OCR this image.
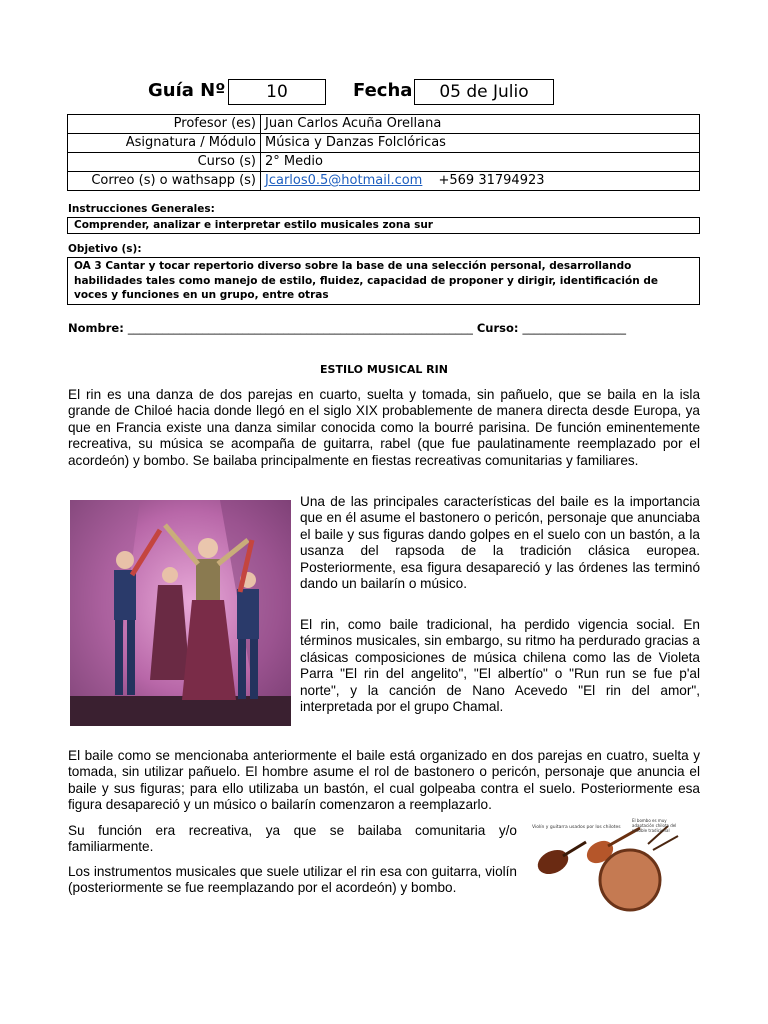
Guía Nº	10	Fecha	05 de Julio
Profesor (es)	Juan Carlos Acuña Orellana
Asignatura / Módulo	Música y Danzas Folclóricas
Curso (s)	2° Medio
Correo (s) o wathsapp (s)	Jcarlos0.5@hotmail.com +569 31794923
Instrucciones Generales:
Comprender, analizar e interpretar estilo musicales zona sur
Objetivo (s):
OA 3 Cantar y tocar repertorio diverso sobre la base de una selección personal, desarrollando habilidades tales como manejo de estilo, fluidez, capacidad de proponer y dirigir, identificación de voces y funciones en un grupo, entre otras
Nombre: ____________________________________________________________ Curso: __________________
ESTILO MUSICAL RIN
El rin es una danza de dos parejas en cuarto, suelta y tomada, sin pañuelo, que se baila en la isla grande de Chiloé hacia donde llegó en el siglo XIX probablemente de manera directa desde Europa, ya que en Francia existe una danza similar conocida como la bourré parisina. De función eminentemente recreativa, su música se acompaña de guitarra, rabel (que fue paulatinamente reemplazado por el acordeón) y bombo. Se bailaba principalmente en fiestas recreativas comunitarias y familiares.
Una de las principales características del baile es la importancia que en él asume el bastonero o pericón, personaje que anunciaba el baile y sus figuras dando golpes en el suelo con un bastón, a la usanza del rapsoda de la tradición clásica europea. Posteriormente, esa figura desapareció y las órdenes las terminó dando un bailarín o músico.
El rin, como baile tradicional, ha perdido vigencia social. En términos musicales, sin embargo, su ritmo ha perdurado gracias a clásicas composiciones de música chilena como las de Violeta Parra "El rin del angelito", "El albertío" o "Run run se fue p'al norte", y la canción de Nano Acevedo "El rin del amor", interpretada por el grupo Chamal.
El baile como se mencionaba anteriormente el baile está organizado en dos parejas en cuatro, suelta y tomada, sin utilizar pañuelo. El hombre asume el rol de bastonero o pericón, personaje que anuncia el baile y sus figuras; para ello utilizaba un bastón, el cual golpeaba contra el suelo. Posteriormente esa figura desapareció y un músico o bailarín comenzaron a reemplazarlo.
Su función era recreativa, ya que se bailaba comunitaria y/o familiarmente.
Los instrumentos musicales que suele utilizar el rin esa con guitarra, violín (posteriormente se fue reemplazando por el acordeón) y bombo.
Violín y guitarra usados por los chilotes
El bombo es muy adaptación chilota del redoble tradicional
